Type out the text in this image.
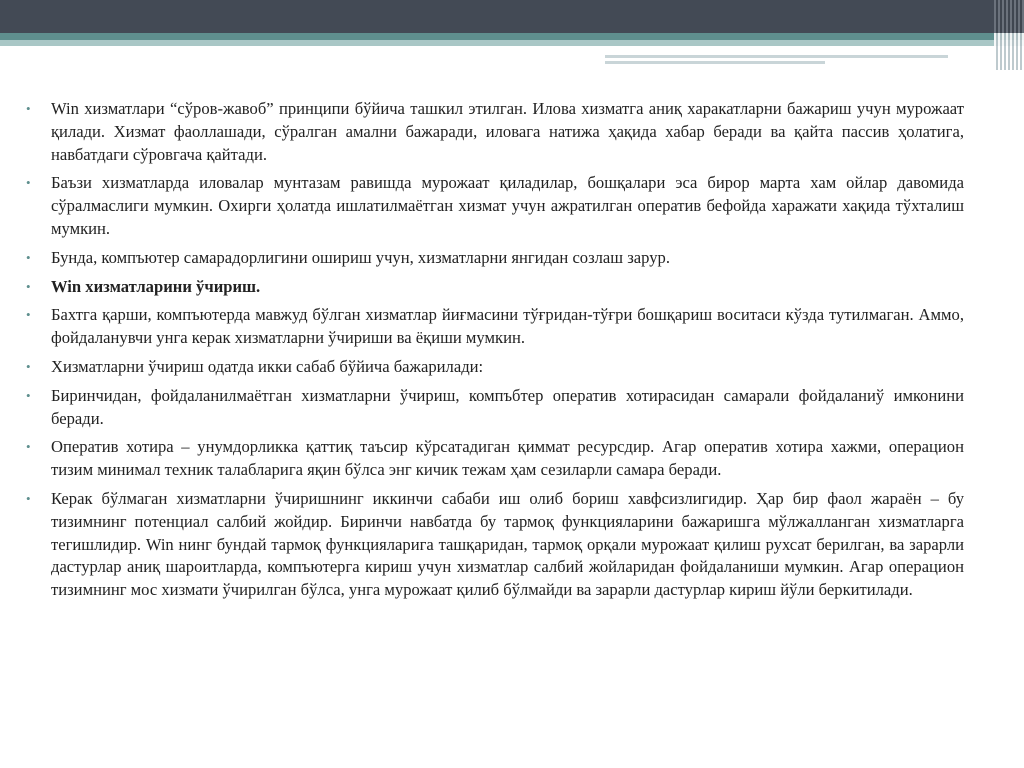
• Win хизматлари “сўров-жавоб” принципи бўйича ташкил этилган. Илова хизматга аниқ харакатларни бажариш учун мурожаат қилади. Хизмат фаоллашади, сўралган амални бажаради, иловага натижа ҳақида хабар беради ва қайта пассив ҳолатига, навбатдаги сўровгача қайтади.
• Баъзи хизматларда иловалар мунтазам равишда мурожаат қиладилар, бошқалари эса бирор марта хам ойлар давомида сўралмаслиги мумкин. Охирги ҳолатда ишлатилмаётган хизмат учун ажратилган оператив бефойда харажати хақида тўхталиш мумкин.
• Бунда, компъютер самарадорлигини ошириш учун, хизматларни янгидан созлаш зарур.
• Win хизматларини ўчириш.
• Бахтга қарши, компъютерда мавжуд бўлган хизматлар йиғмасини тўғридан-тўғри бошқариш воситаси кўзда тутилмаган. Аммо, фойдаланувчи унга керак хизматларни ўчириши ва ёқиши мумкин.
• Хизматларни ўчириш одатда икки сабаб бўйича бажарилади:
• Биринчидан, фойдаланилмаётган хизматларни ўчириш, компъбтер оператив хотирасидан самарали фойдаланиў имконини беради.
• Оператив хотира – унумдорликка қаттиқ таъсир кўрсатадиган қиммат ресурсдир. Агар оператив хотира хажми, операцион тизим минимал техник талабларига яқин бўлса энг кичик тежам ҳам сезиларли самара беради.
• Керак бўлмаган хизматларни ўчиришнинг иккинчи сабаби иш олиб бориш хавфсизлигидир. Ҳар бир фаол жараён – бу тизимнинг потенциал салбий жойдир. Биринчи навбатда бу тармоқ функцияларини бажаришга мўлжалланган хизматларга тегишлидир. Win нинг бундай тармоқ функцияларига ташқаридан, тармоқ орқали мурожаат қилиш рухсат берилган, ва зарарли дастурлар аниқ шароитларда, компъютерга кириш учун хизматлар салбий жойларидан фойдаланиши мумкин. Агар операцион тизимнинг мос хизмати ўчирилган бўлса, унга мурожаат қилиб бўлмайди ва зарарли дастурлар кириш йўли беркитилади.
